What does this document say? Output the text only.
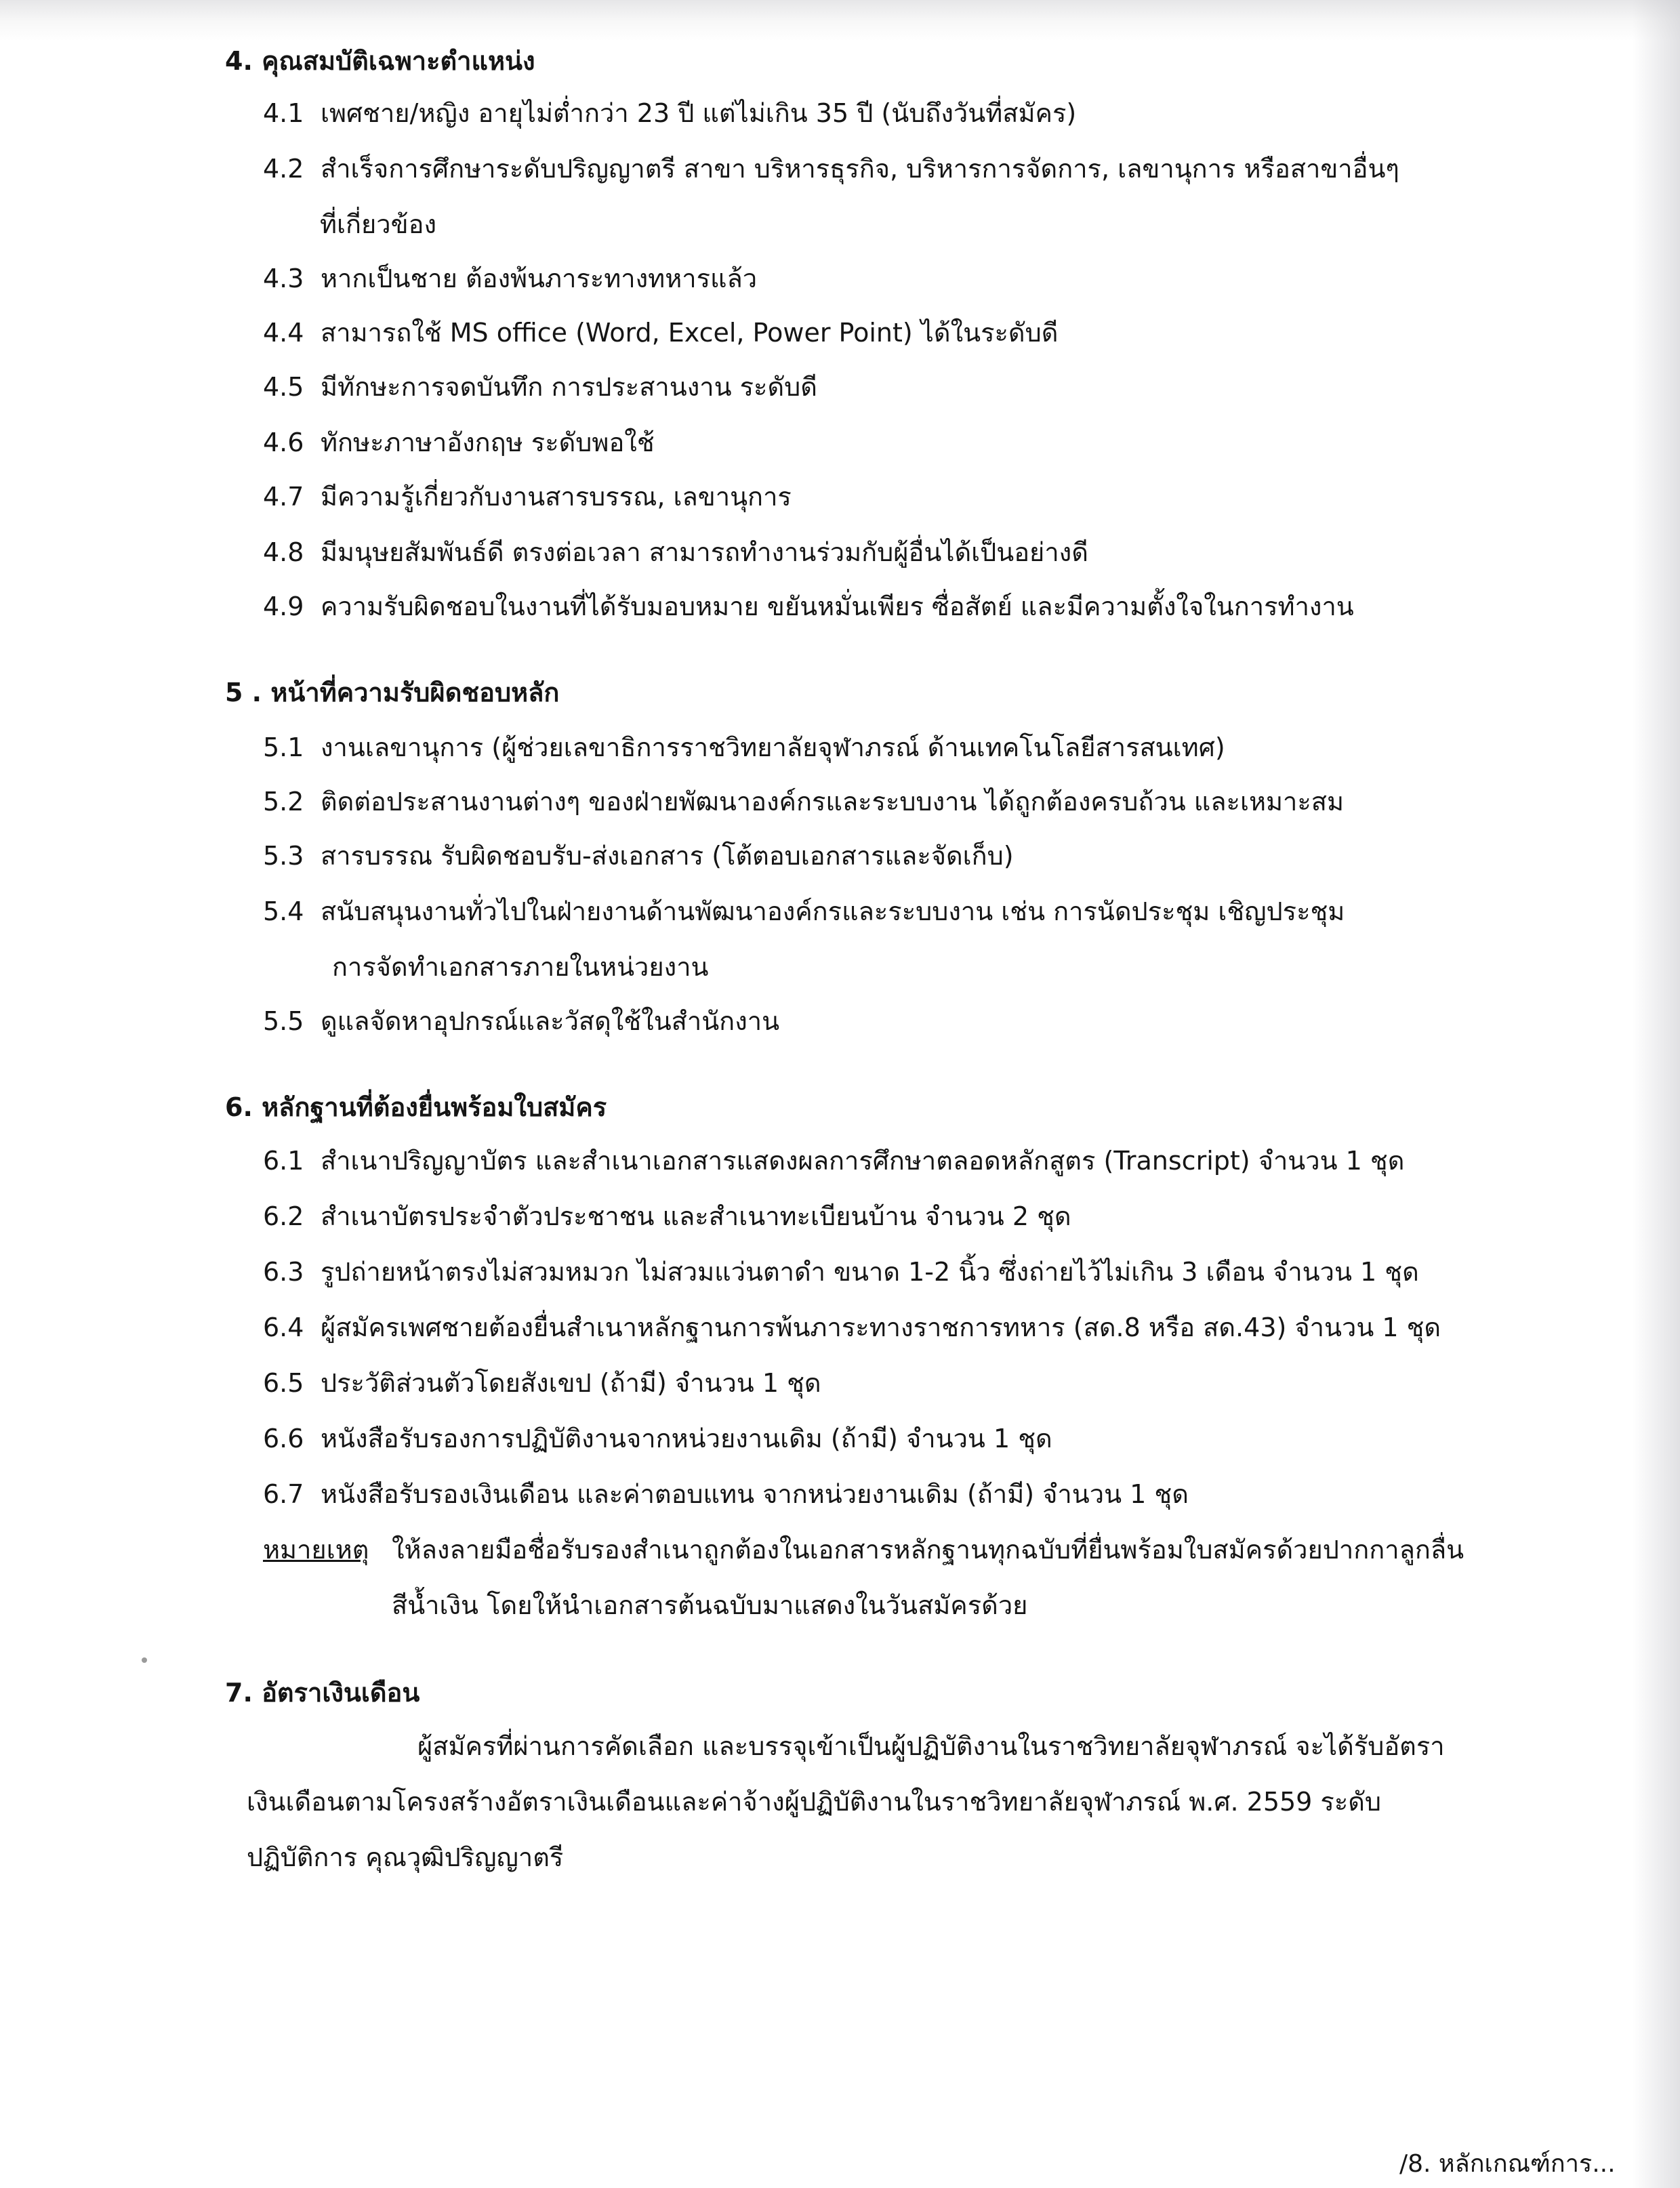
4. คุณสมบัติเฉพาะตำแหน่ง
4.1 เพศชาย/หญิง อายุไม่ต่ำกว่า 23 ปี แต่ไม่เกิน 35 ปี (นับถึงวันที่สมัคร)
4.2 สำเร็จการศึกษาระดับปริญญาตรี สาขา บริหารธุรกิจ, บริหารการจัดการ, เลขานุการ หรือสาขาอื่นๆ
ที่เกี่ยวข้อง
4.3 หากเป็นชาย ต้องพ้นภาระทางทหารแล้ว
4.4 สามารถใช้ MS office (Word, Excel, Power Point) ได้ในระดับดี
4.5 มีทักษะการจดบันทึก การประสานงาน ระดับดี
4.6 ทักษะภาษาอังกฤษ ระดับพอใช้
4.7 มีความรู้เกี่ยวกับงานสารบรรณ, เลขานุการ
4.8 มีมนุษยสัมพันธ์ดี ตรงต่อเวลา สามารถทำงานร่วมกับผู้อื่นได้เป็นอย่างดี
4.9 ความรับผิดชอบในงานที่ได้รับมอบหมาย ขยันหมั่นเพียร ซื่อสัตย์ และมีความตั้งใจในการทำงาน
5 . หน้าที่ความรับผิดชอบหลัก
5.1 งานเลขานุการ (ผู้ช่วยเลขาธิการราชวิทยาลัยจุฬาภรณ์ ด้านเทคโนโลยีสารสนเทศ)
5.2 ติดต่อประสานงานต่างๆ ของฝ่ายพัฒนาองค์กรและระบบงาน ได้ถูกต้องครบถ้วน และเหมาะสม
5.3 สารบรรณ รับผิดชอบรับ-ส่งเอกสาร (โต้ตอบเอกสารและจัดเก็บ)
5.4 สนับสนุนงานทั่วไปในฝ่ายงานด้านพัฒนาองค์กรและระบบงาน เช่น การนัดประชุม เชิญประชุม
การจัดทำเอกสารภายในหน่วยงาน
5.5 ดูแลจัดหาอุปกรณ์และวัสดุใช้ในสำนักงาน
6. หลักฐานที่ต้องยื่นพร้อมใบสมัคร
6.1 สำเนาปริญญาบัตร และสำเนาเอกสารแสดงผลการศึกษาตลอดหลักสูตร (Transcript) จำนวน 1 ชุด
6.2 สำเนาบัตรประจำตัวประชาชน และสำเนาทะเบียนบ้าน จำนวน 2 ชุด
6.3 รูปถ่ายหน้าตรงไม่สวมหมวก ไม่สวมแว่นตาดำ ขนาด 1-2 นิ้ว ซึ่งถ่ายไว้ไม่เกิน 3 เดือน จำนวน 1 ชุด
6.4 ผู้สมัครเพศชายต้องยื่นสำเนาหลักฐานการพ้นภาระทางราชการทหาร (สด.8 หรือ สด.43) จำนวน 1 ชุด
6.5 ประวัติส่วนตัวโดยสังเขป (ถ้ามี) จำนวน 1 ชุด
6.6 หนังสือรับรองการปฏิบัติงานจากหน่วยงานเดิม (ถ้ามี) จำนวน 1 ชุด
6.7 หนังสือรับรองเงินเดือน และค่าตอบแทน จากหน่วยงานเดิม (ถ้ามี) จำนวน 1 ชุด
หมายเหตุ ให้ลงลายมือชื่อรับรองสำเนาถูกต้องในเอกสารหลักฐานทุกฉบับที่ยื่นพร้อมใบสมัครด้วยปากกาลูกลื่น
สีน้ำเงิน โดยให้นำเอกสารต้นฉบับมาแสดงในวันสมัครด้วย
7. อัตราเงินเดือน
ผู้สมัครที่ผ่านการคัดเลือก และบรรจุเข้าเป็นผู้ปฏิบัติงานในราชวิทยาลัยจุฬาภรณ์ จะได้รับอัตรา
เงินเดือนตามโครงสร้างอัตราเงินเดือนและค่าจ้างผู้ปฏิบัติงานในราชวิทยาลัยจุฬาภรณ์ พ.ศ. 2559 ระดับ
ปฏิบัติการ คุณวุฒิปริญญาตรี
/8. หลักเกณฑ์การ...
